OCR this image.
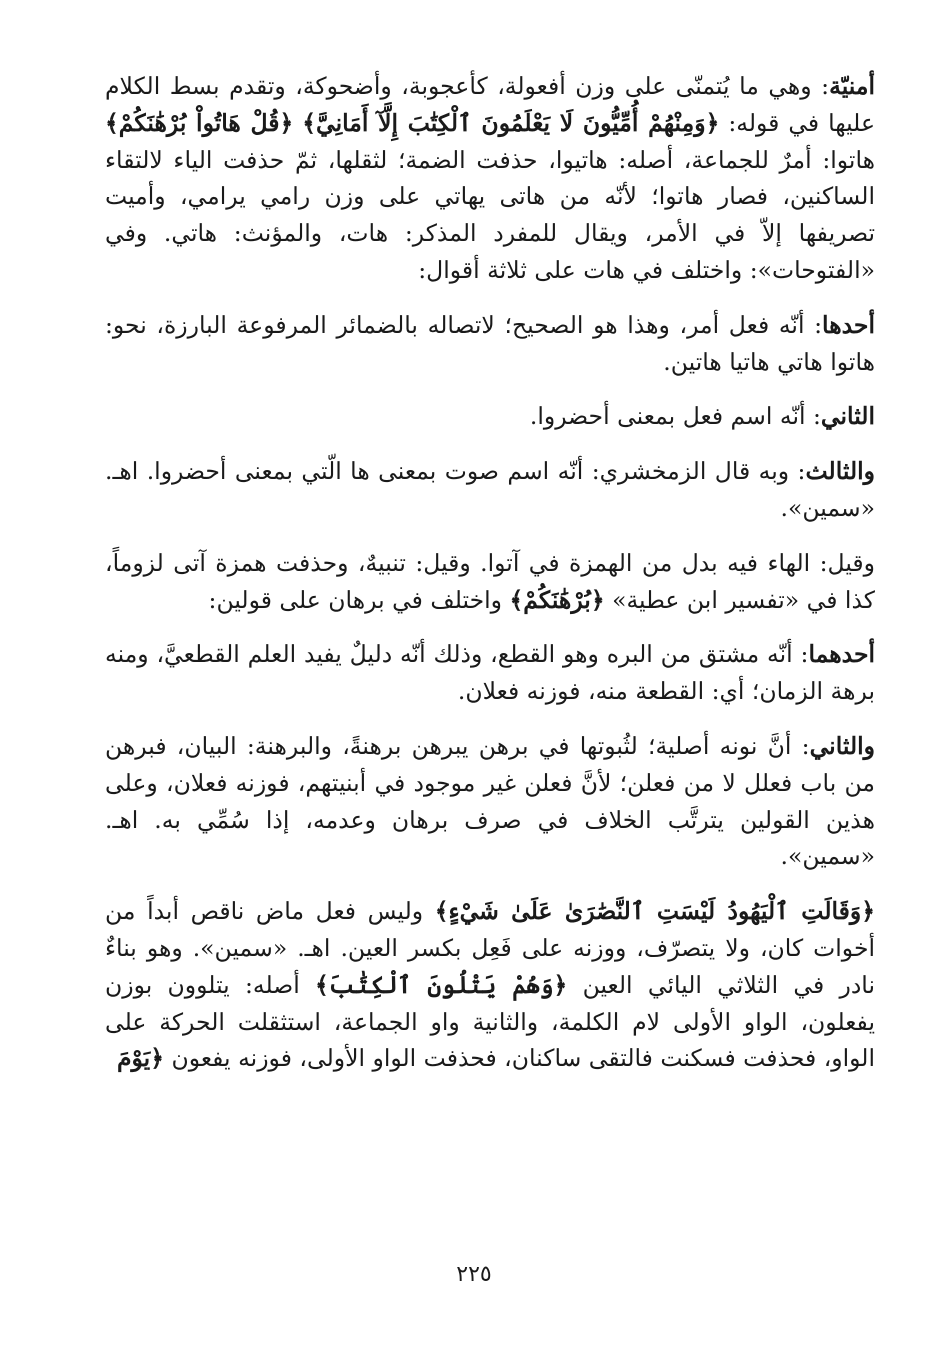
أمنيّة: وهي ما يُتمنّى على وزن أفعولة، كأعجوبة، وأضحوكة، وتقدم بسط الكلام عليها في قوله: ﴿وَمِنْهُمْ أُمِّيُّونَ لَا يَعْلَمُونَ ٱلْكِتَٰبَ إِلَّآ أَمَانِيَّ﴾ ﴿قُلْ هَاتُواْ بُرْهَٰنَكُمْ﴾ هاتوا: أمرٌ للجماعة، أصله: هاتيوا، حذفت الضمة؛ لثقلها، ثمّ حذفت الياء لالتقاء الساكنين، فصار هاتوا؛ لأنّه من هاتى يهاتي على وزن رامي يرامي، وأميت تصريفها إلاّ في الأمر، ويقال للمفرد المذكر: هات، والمؤنث: هاتي. وفي «الفتوحات»: واختلف في هات على ثلاثة أقوال:

أحدها: أنّه فعل أمر، وهذا هو الصحيح؛ لاتصاله بالضمائر المرفوعة البارزة، نحو: هاتوا هاتي هاتيا هاتين.

الثاني: أنّه اسم فعل بمعنى أحضروا.

والثالث: وبه قال الزمخشري: أنّه اسم صوت بمعنى ها الّتي بمعنى أحضروا. اهـ. «سمين».

وقيل: الهاء فيه بدل من الهمزة في آتوا. وقيل: تنبيهٌ، وحذفت همزة آتى لزوماً، كذا في «تفسير ابن عطية» ﴿بُرْهَٰنَكُمْ﴾ واختلف في برهان على قولين:

أحدهما: أنّه مشتق من البره وهو القطع، وذلك أنّه دليلٌ يفيد العلم القطعيَّ، ومنه برهة الزمان؛ أي: القطعة منه، فوزنه فعلان.

والثاني: أنَّ نونه أصلية؛ لثُبوتها في برهن يبرهن برهنةً، والبرهنة: البيان، فبرهن من باب فعلل لا من فعلن؛ لأنَّ فعلن غير موجود في أبنيتهم، فوزنه فعلان، وعلى هذين القولين يترتَّب الخلاف في صرف برهان وعدمه، إذا سُمِّي به. اهـ. «سمين».

﴿وَقَالَتِ ٱلْيَهُودُ لَيْسَتِ ٱلنَّصَٰرَىٰ عَلَىٰ شَيْءٍ﴾ وليس فعل ماض ناقص أبداً من أخوات كان، ولا يتصرّف، ووزنه على فَعِل بكسر العين. اهـ. «سمين». وهو بناءٌ نادر في الثلاثي اليائي العين ﴿وَهُمْ يَتْلُونَ ٱلْكِتَٰبَ﴾ أصله: يتلوون بوزن يفعلون، الواو الأولى لام الكلمة، والثانية واو الجماعة، استثقلت الحركة على الواو، فحذفت فسكنت فالتقى ساكنان، فحذفت الواو الأولى، فوزنه يفعون ﴿يَوْمَ

٢٢٥
